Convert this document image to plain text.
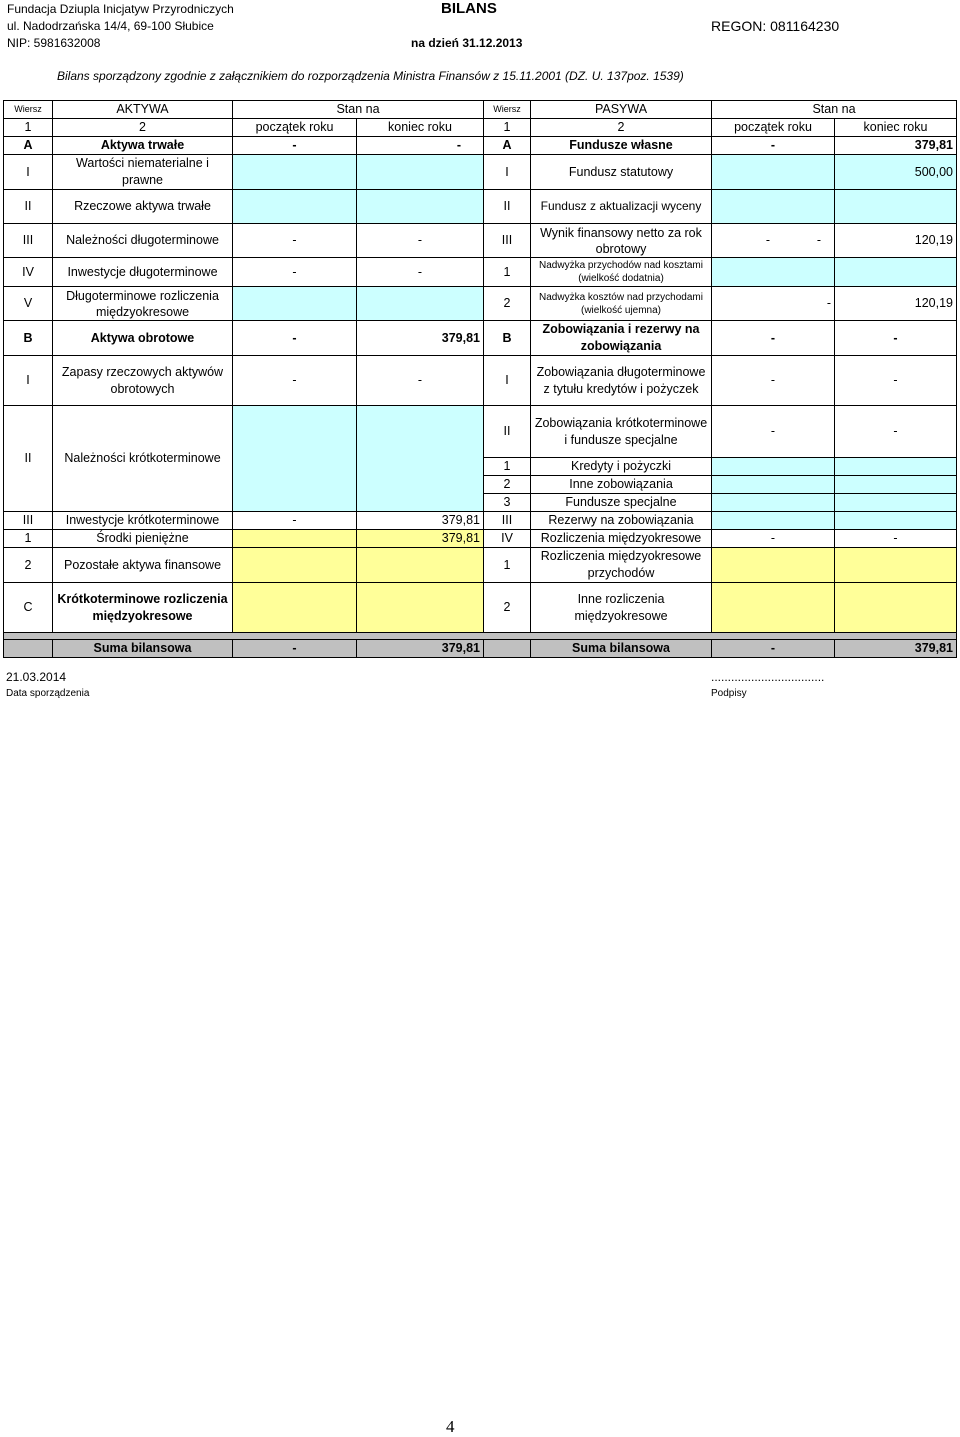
Fundacja Dziupla Inicjatyw Przyrodniczych
ul. Nadodrzańska 14/4, 69-100 Słubice
NIP: 5981632008
BILANS
na dzień 31.12.2013
REGON: 081164230
Bilans sporządzony zgodnie z załącznikiem do rozporządzenia Ministra Finansów z 15.11.2001 (DZ. U. 137poz. 1539)
Wiersz	AKTYWA	Stan na		Wiersz	PASYWA	Stan na	
1	2	początek roku	koniec roku	1	2	początek roku	koniec roku
A	Aktywa trwałe	-	-	A	Fundusze własne	-	379,81
I	Wartości niematerialne i prawne			I	Fundusz statutowy		500,00
II	Rzeczowe aktywa trwałe			II	Fundusz z aktualizacji wyceny		
III	Należności długoterminowe	-	-	III	Wynik finansowy netto za rok obrotowy	- -	120,19
IV	Inwestycje długoterminowe	-	-	1	Nadwyżka przychodów nad kosztami (wielkość dodatnia)		
V	Długoterminowe rozliczenia międzyokresowe			2	Nadwyżka kosztów nad przychodami (wielkość ujemna)	-	120,19
B	Aktywa obrotowe	-	379,81	B	Zobowiązania i rezerwy na zobowiązania	-	-
I	Zapasy rzeczowych aktywów obrotowych	-	-	I	Zobowiązania długoterminowe z tytułu kredytów i pożyczek	-	-
II	Należności krótkoterminowe			II	Zobowiązania krótkoterminowe i fundusze specjalne	-	-
				1	Kredyty i pożyczki		
				2	Inne zobowiązania		
				3	Fundusze specjalne		
III	Inwestycje krótkoterminowe	-	379,81	III	Rezerwy na zobowiązania		
1	Środki pieniężne		379,81	IV	Rozliczenia międzyokresowe	-	-
2	Pozostałe aktywa finansowe			1	Rozliczenia międzyokresowe przychodów		
C	Krótkoterminowe rozliczenia międzyokresowe			2	Inne rozliczenia międzyokresowe		

	Suma bilansowa	-	379,81		Suma bilansowa	-	379,81
21.03.2014
Data sporządzenia
..................................
Podpisy
4
